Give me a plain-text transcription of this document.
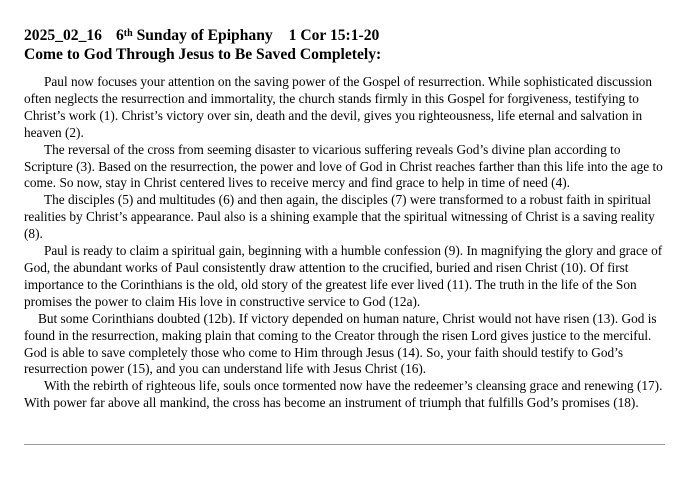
2025_02_16 6th Sunday of Epiphany 1 Cor 15:1-20
Come to God Through Jesus to Be Saved Completely:

Paul now focuses your attention on the saving power of the Gospel of resurrection. While sophisticated discussion often neglects the resurrection and immortality, the church stands firmly in this Gospel for forgiveness, testifying to Christ’s work (1). Christ’s victory over sin, death and the devil, gives you righteousness, life eternal and salvation in heaven (2).

The reversal of the cross from seeming disaster to vicarious suffering reveals God’s divine plan according to Scripture (3). Based on the resurrection, the power and love of God in Christ reaches farther than this life into the age to come. So now, stay in Christ centered lives to receive mercy and find grace to help in time of need (4).

The disciples (5) and multitudes (6) and then again, the disciples (7) were transformed to a robust faith in spiritual realities by Christ’s appearance. Paul also is a shining example that the spiritual witnessing of Christ is a saving reality (8).

Paul is ready to claim a spiritual gain, beginning with a humble confession (9). In magnifying the glory and grace of God, the abundant works of Paul consistently draw attention to the crucified, buried and risen Christ (10). Of first importance to the Corinthians is the old, old story of the greatest life ever lived (11). The truth in the life of the Son promises the power to claim His love in constructive service to God (12a).

But some Corinthians doubted (12b). If victory depended on human nature, Christ would not have risen (13). God is found in the resurrection, making plain that coming to the Creator through the risen Lord gives justice to the merciful. God is able to save completely those who come to Him through Jesus (14). So, your faith should testify to God’s resurrection power (15), and you can understand life with Jesus Christ (16).

With the rebirth of righteous life, souls once tormented now have the redeemer’s cleansing grace and renewing (17). With power far above all mankind, the cross has become an instrument of triumph that fulfills God’s promises (18).
